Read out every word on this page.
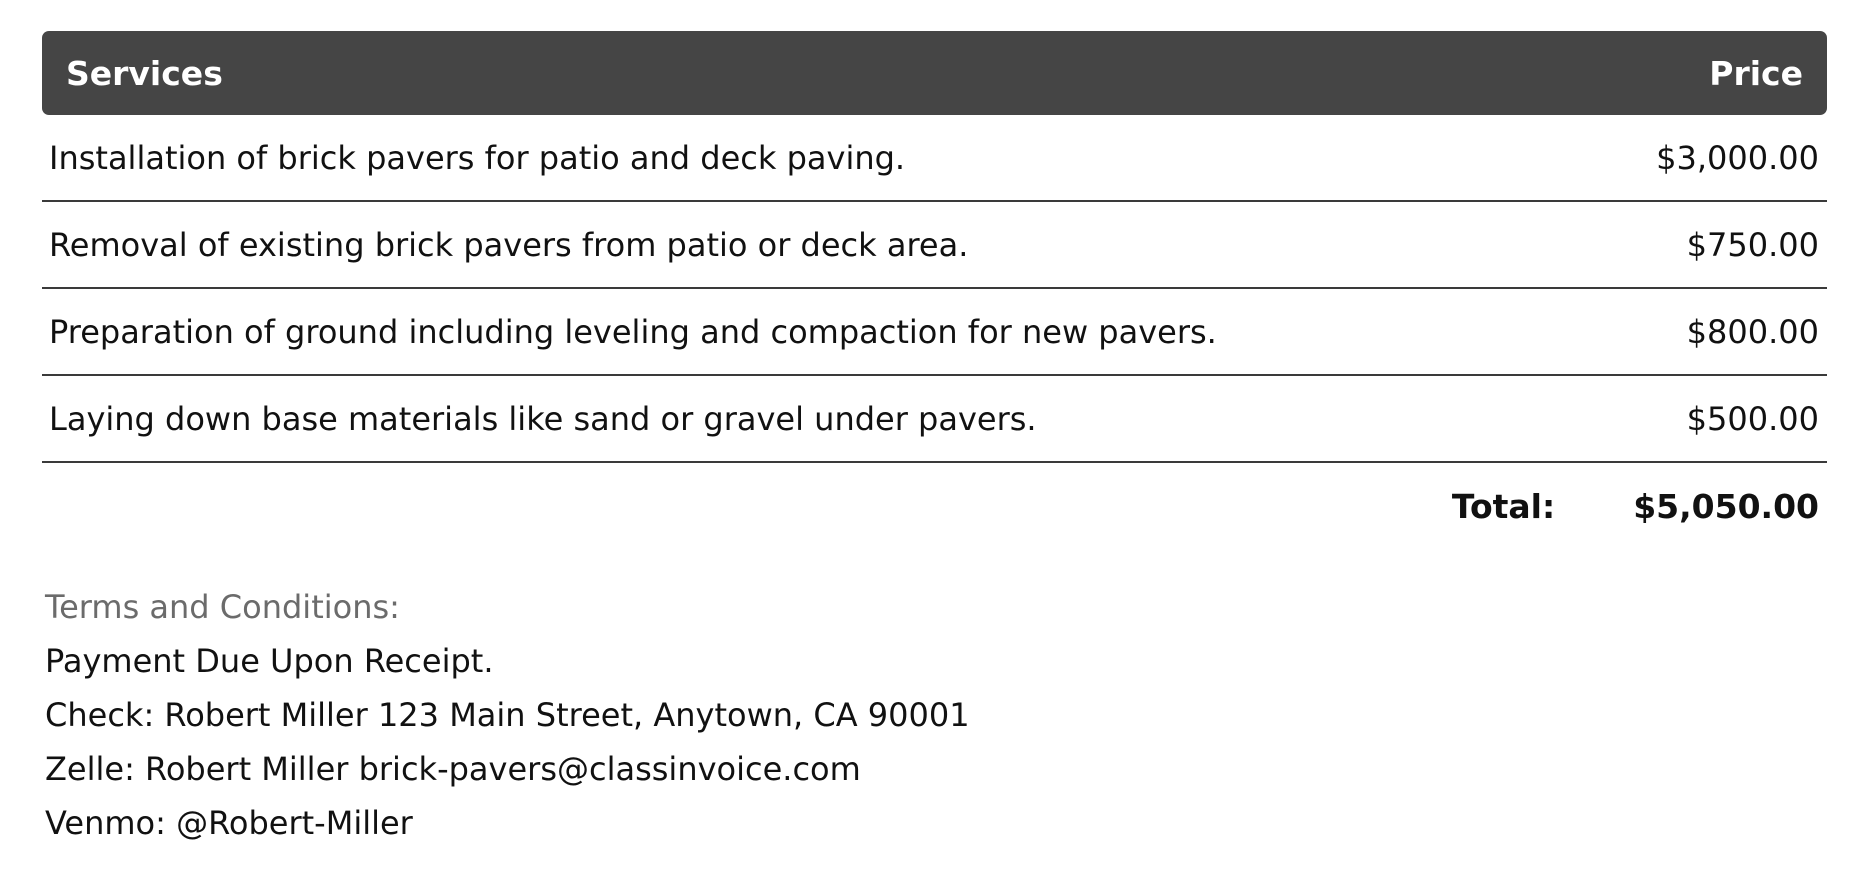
Services	Price
Installation of brick pavers for patio and deck paving.	$3,000.00
Removal of existing brick pavers from patio or deck area.	$750.00
Preparation of ground including leveling and compaction for new pavers.	$800.00
Laying down base materials like sand or gravel under pavers.	$500.00
Total: $5,050.00
Terms and Conditions:
Payment Due Upon Receipt.
Check: Robert Miller 123 Main Street, Anytown, CA 90001
Zelle: Robert Miller brick-pavers@classinvoice.com
Venmo: @Robert-Miller
